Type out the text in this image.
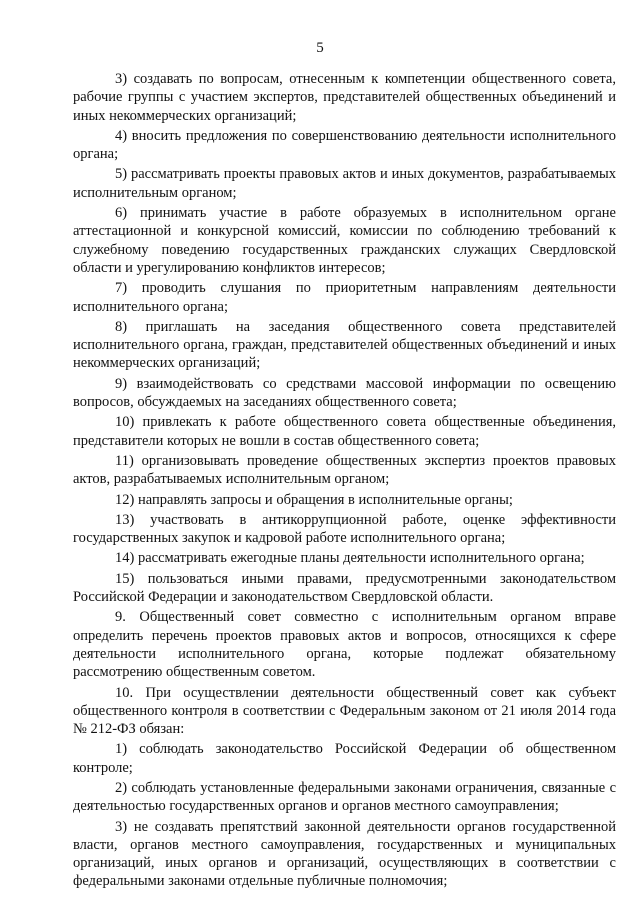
5

3) создавать по вопросам, отнесенным к компетенции общественного совета, рабочие группы с участием экспертов, представителей общественных объединений и иных некоммерческих организаций;

4) вносить предложения по совершенствованию деятельности исполнительного органа;

5) рассматривать проекты правовых актов и иных документов, разрабатываемых исполнительным органом;

6) принимать участие в работе образуемых в исполнительном органе аттестационной и конкурсной комиссий, комиссии по соблюдению требований к служебному поведению государственных гражданских служащих Свердловской области и урегулированию конфликтов интересов;

7) проводить слушания по приоритетным направлениям деятельности исполнительного органа;

8) приглашать на заседания общественного совета представителей исполнительного органа, граждан, представителей общественных объединений и иных некоммерческих организаций;

9) взаимодействовать со средствами массовой информации по освещению вопросов, обсуждаемых на заседаниях общественного совета;

10) привлекать к работе общественного совета общественные объединения, представители которых не вошли в состав общественного совета;

11) организовывать проведение общественных экспертиз проектов правовых актов, разрабатываемых исполнительным органом;

12) направлять запросы и обращения в исполнительные органы;

13) участвовать в антикоррупционной работе, оценке эффективности государственных закупок и кадровой работе исполнительного органа;

14) рассматривать ежегодные планы деятельности исполнительного органа;

15) пользоваться иными правами, предусмотренными законодательством Российской Федерации и законодательством Свердловской области.

9. Общественный совет совместно с исполнительным органом вправе определить перечень проектов правовых актов и вопросов, относящихся к сфере деятельности исполнительного органа, которые подлежат обязательному рассмотрению общественным советом.

10. При осуществлении деятельности общественный совет как субъект общественного контроля в соответствии с Федеральным законом от 21 июля 2014 года № 212-ФЗ обязан:

1) соблюдать законодательство Российской Федерации об общественном контроле;

2) соблюдать установленные федеральными законами ограничения, связанные с деятельностью государственных органов и органов местного самоуправления;

3) не создавать препятствий законной деятельности органов государственной власти, органов местного самоуправления, государственных и муниципальных организаций, иных органов и организаций, осуществляющих в соответствии с федеральными законами отдельные публичные полномочия;
